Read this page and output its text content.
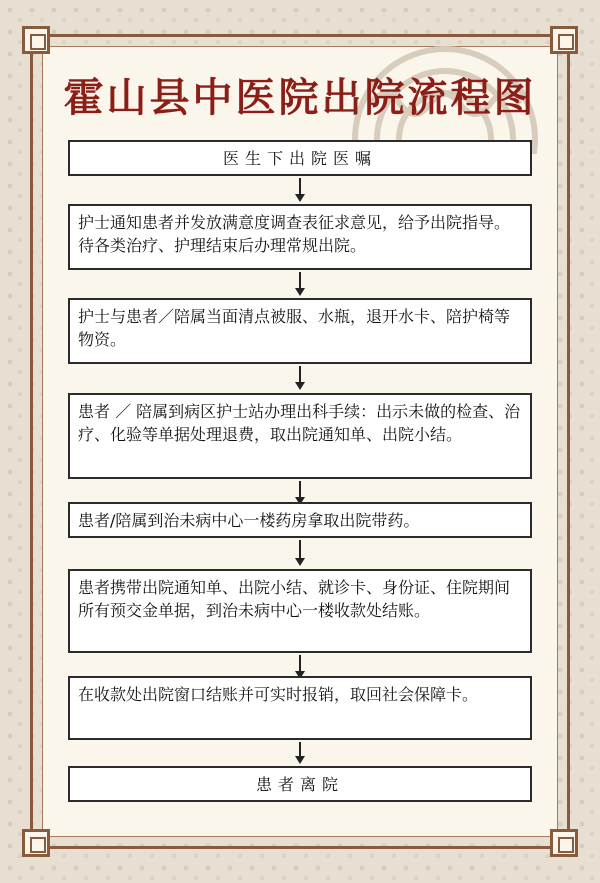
霍山县中医院出院流程图
医生下出院医嘱
护士通知患者并发放满意度调查表征求意见，给予出院指导。待各类治疗、护理结束后办理常规出院。
护士与患者／陪属当面清点被服、水瓶，退开水卡、陪护椅等物资。
患者 ／ 陪属到病区护士站办理出科手续：出示未做的检查、治疗、化验等单据处理退费，取出院通知单、出院小结。
患者/陪属到治未病中心一楼药房拿取出院带药。
患者携带出院通知单、出院小结、就诊卡、身份证、住院期间所有预交金单据，到治未病中心一楼收款处结账。
在收款处出院窗口结账并可实时报销，取回社会保障卡。
患者离院
